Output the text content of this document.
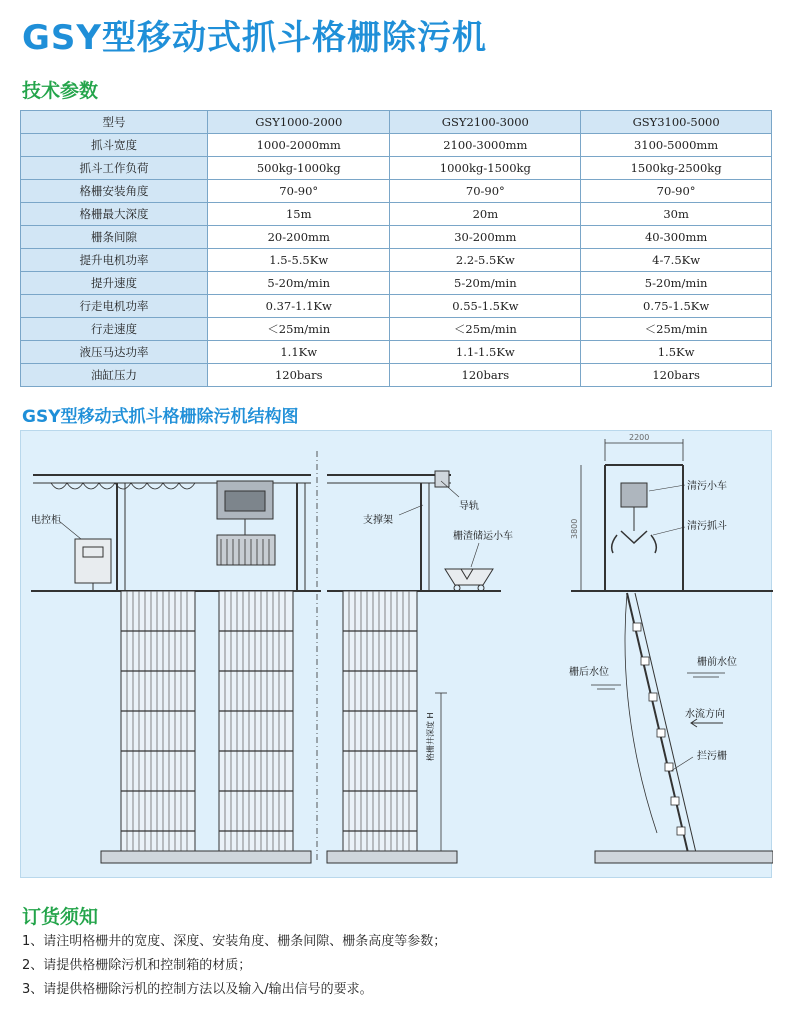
GSY型移动式抓斗格栅除污机
技术参数
型号	GSY1000-2000	GSY2100-3000	GSY3100-5000
抓斗宽度	1000-2000mm	2100-3000mm	3100-5000mm
抓斗工作负荷	500kg-1000kg	1000kg-1500kg	1500kg-2500kg
格栅安装角度	70-90°	70-90°	70-90°
格栅最大深度	15m	20m	30m
栅条间隙	20-200mm	30-200mm	40-300mm
提升电机功率	1.5-5.5Kw	2.2-5.5Kw	4-7.5Kw
提升速度	5-20m/min	5-20m/min	5-20m/min
行走电机功率	0.37-1.1Kw	0.55-1.5Kw	0.75-1.5Kw
行走速度	＜25m/min	＜25m/min	＜25m/min
液压马达功率	1.1Kw	1.1-1.5Kw	1.5Kw
油缸压力	120bars	120bars	120bars
GSY型移动式抓斗格栅除污机结构图
电控柜	支撑架
导轨
栅渣储运小车
清污小车
清污抓斗
栅后水位
栅前水位
水流方向
拦污栅
格栅井深度 H
2200
3800
订货须知
1、请注明格栅井的宽度、深度、安装角度、栅条间隙、栅条高度等参数；
2、请提供格栅除污机和控制箱的材质；
3、请提供格栅除污机的控制方法以及输入/输出信号的要求。
